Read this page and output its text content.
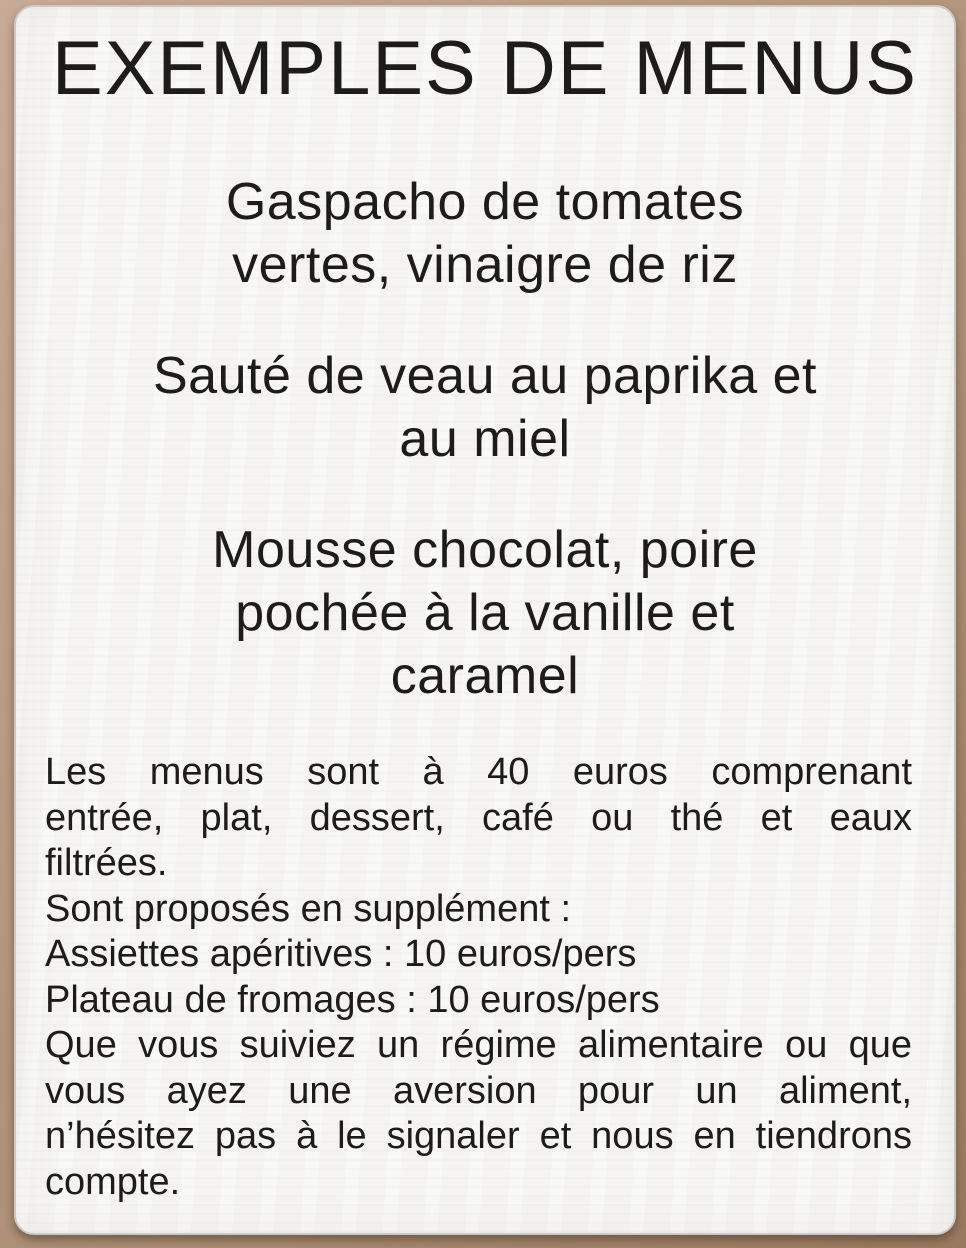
EXEMPLES DE MENUS
Gaspacho de tomates
vertes, vinaigre de riz
Sauté de veau au paprika et
au miel
Mousse chocolat, poire
pochée à la vanille et
caramel
Les menus sont à 40 euros comprenant
entrée, plat, dessert, café ou thé et eaux
filtrées.
Sont proposés en supplément :
Assiettes apéritives : 10 euros/pers
Plateau de fromages : 10 euros/pers
Que vous suiviez un régime alimentaire ou que
vous ayez une aversion pour un aliment,
n’hésitez pas à le signaler et nous en tiendrons
compte.
